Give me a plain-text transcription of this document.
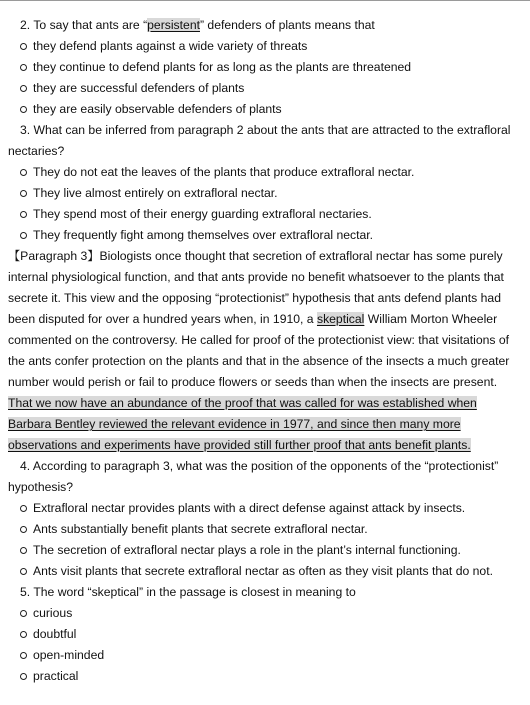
2. To say that ants are “persistent” defenders of plants means that
they defend plants against a wide variety of threats
they continue to defend plants for as long as the plants are threatened
they are successful defenders of plants
they are easily observable defenders of plants
3. What can be inferred from paragraph 2 about the ants that are attracted to the extrafloral
nectaries?
They do not eat the leaves of the plants that produce extrafloral nectar.
They live almost entirely on extrafloral nectar.
They spend most of their energy guarding extrafloral nectaries.
They frequently fight among themselves over extrafloral nectar.
【Paragraph 3】Biologists once thought that secretion of extrafloral nectar has some purely internal physiological function, and that ants provide no benefit whatsoever to the plants that secrete it. This view and the opposing “protectionist” hypothesis that ants defend plants had been disputed for over a hundred years when, in 1910, a skeptical William Morton Wheeler commented on the controversy. He called for proof of the protectionist view: that visitations of the ants confer protection on the plants and that in the absence of the insects a much greater number would perish or fail to produce flowers or seeds than when the insects are present. That we now have an abundance of the proof that was called for was established when Barbara Bentley reviewed the relevant evidence in 1977, and since then many more observations and experiments have provided still further proof that ants benefit plants.
4. According to paragraph 3, what was the position of the opponents of the “protectionist”
hypothesis?
Extrafloral nectar provides plants with a direct defense against attack by insects.
Ants substantially benefit plants that secrete extrafloral nectar.
The secretion of extrafloral nectar plays a role in the plant’s internal functioning.
Ants visit plants that secrete extrafloral nectar as often as they visit plants that do not.
5. The word “skeptical” in the passage is closest in meaning to
curious
doubtful
open-minded
practical
